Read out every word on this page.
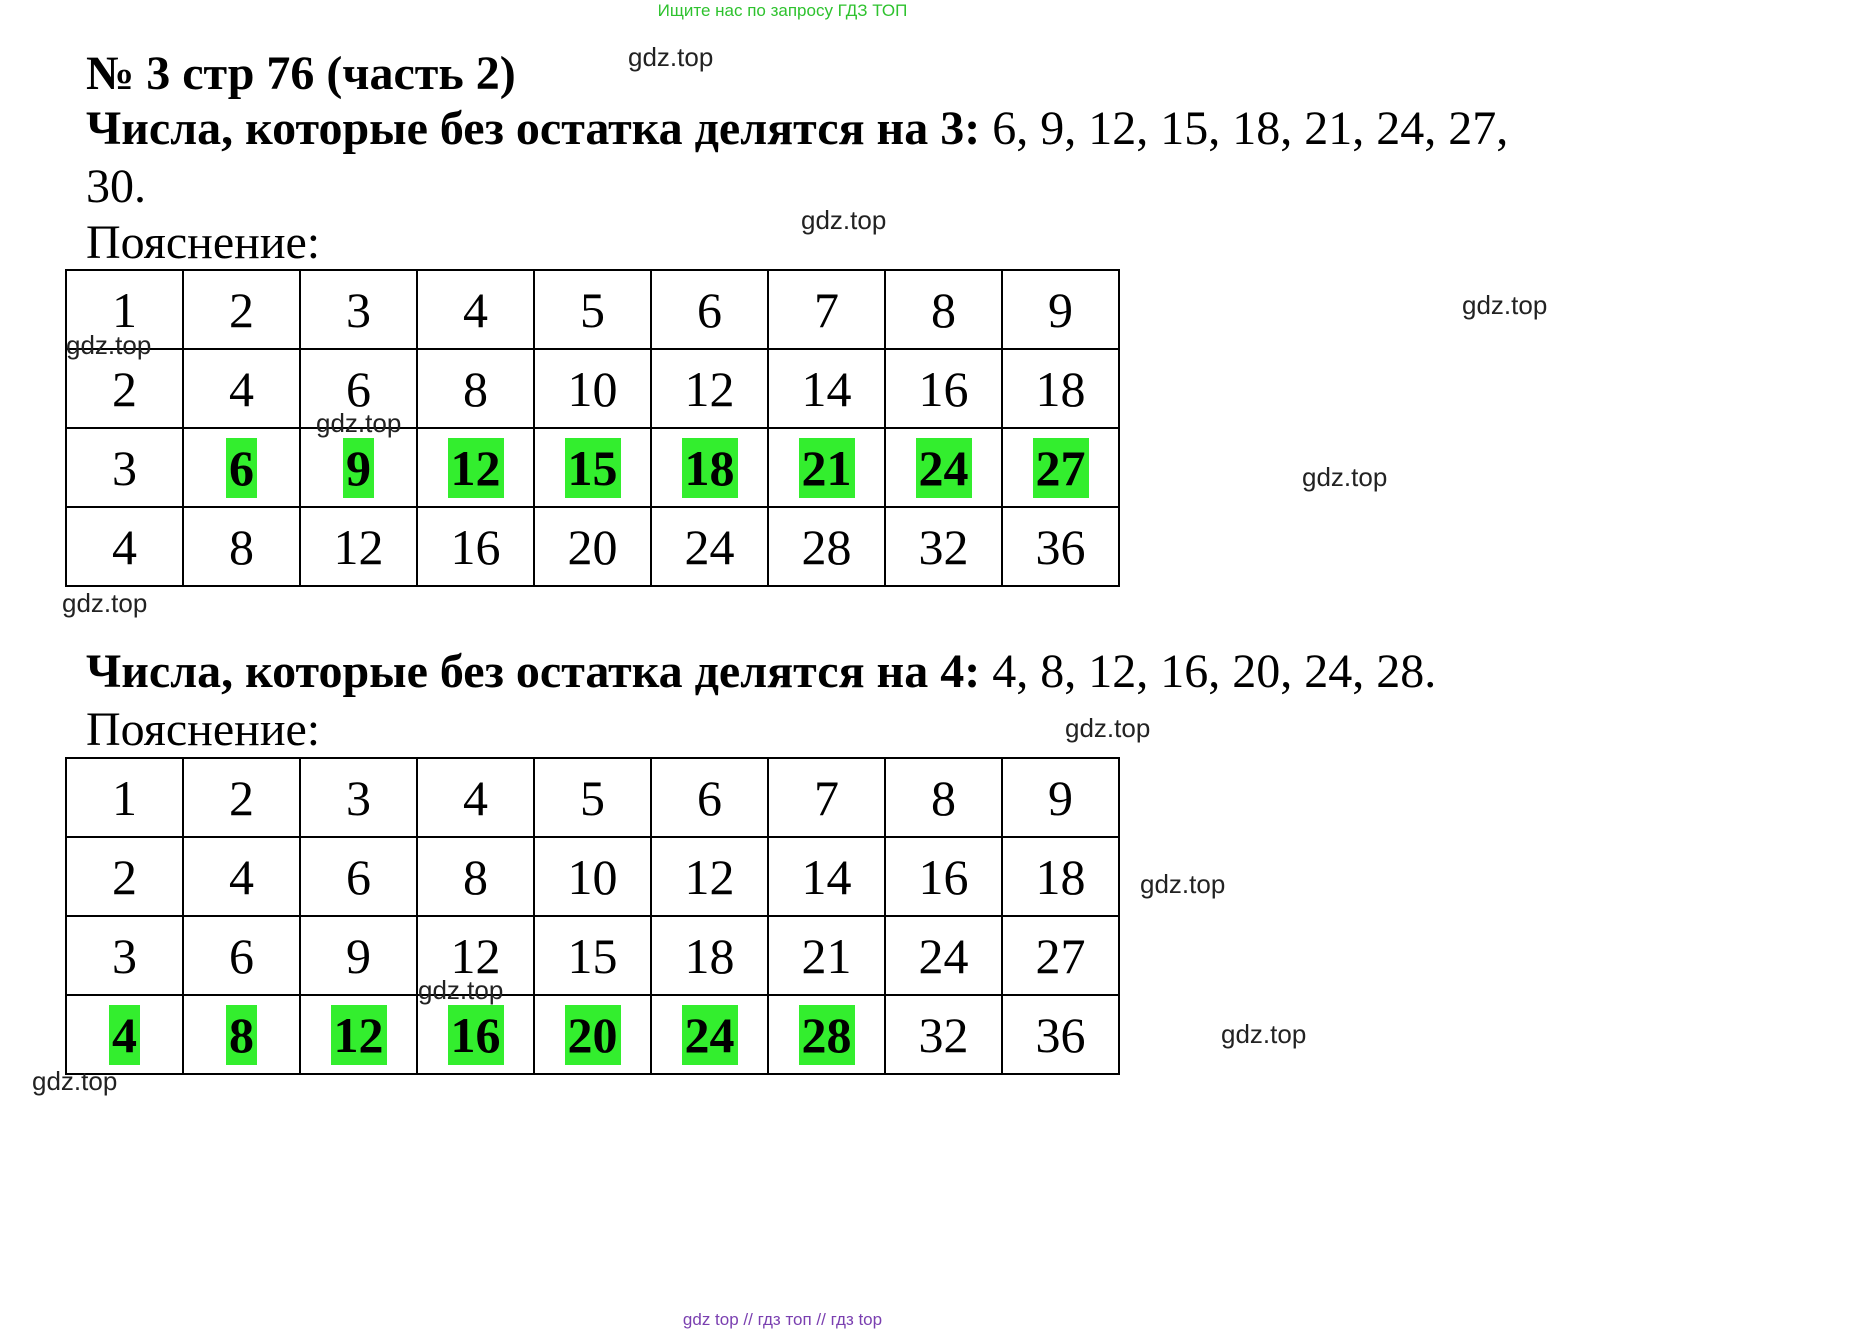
Ищите нас по запросу ГДЗ ТОП
№ 3 стр 76 (часть 2)

Числа, которые без остатка делятся на 3: 6, 9, 12, 15, 18, 21, 24, 27, 30.

Пояснение:

1	2	3	4	5	6	7	8	9
2	4	6	8	10	12	14	16	18
3	6	9	12	15	18	21	24	27
4	8	12	16	20	24	28	32	36

Числа, которые без остатка делятся на 4: 4, 8, 12, 16, 20, 24, 28.

Пояснение:

1	2	3	4	5	6	7	8	9
2	4	6	8	10	12	14	16	18
3	6	9	12	15	18	21	24	27
4	8	12	16	20	24	28	32	36
gdz.top
gdz.top
gdz.top
gdz.top
gdz.top
gdz.top
gdz.top
gdz.top
gdz.top
gdz.top
gdz.top
gdz.top
gdz top // гдз топ // гдз top
